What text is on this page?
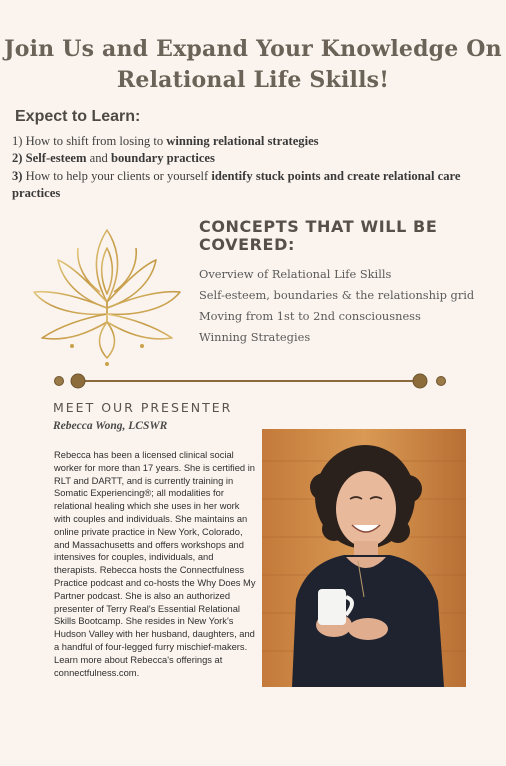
Join Us and Expand Your Knowledge On
Relational Life Skills!
Expect to Learn:
1) How to shift from losing to winning relational strategies
2) Self-esteem and boundary practices
3) How to help your clients or yourself identify stuck points and create relational care practices
CONCEPTS THAT WILL BE COVERED:
Overview of Relational Life Skills
Self-esteem, boundaries & the relationship grid
Moving from 1st to 2nd consciousness
Winning Strategies
MEET OUR PRESENTER
Rebecca Wong, LCSWR
Rebecca has been a licensed clinical social worker for more than 17 years. She is certified in RLT and DARTT, and is currently training in Somatic Experiencing®; all modalities for relational healing which she uses in her work with couples and individuals. She maintains an online private practice in New York, Colorado, and Massachusetts and offers workshops and intensives for couples, individuals, and therapists. Rebecca hosts the Connectfulness Practice podcast and co-hosts the Why Does My Partner podcast. She is also an authorized presenter of Terry Real's Essential Relational Skills Bootcamp. She resides in New York's Hudson Valley with her husband, daughters, and a handful of four-legged furry mischief-makers. Learn more about Rebecca's offerings at connectfulness.com.
